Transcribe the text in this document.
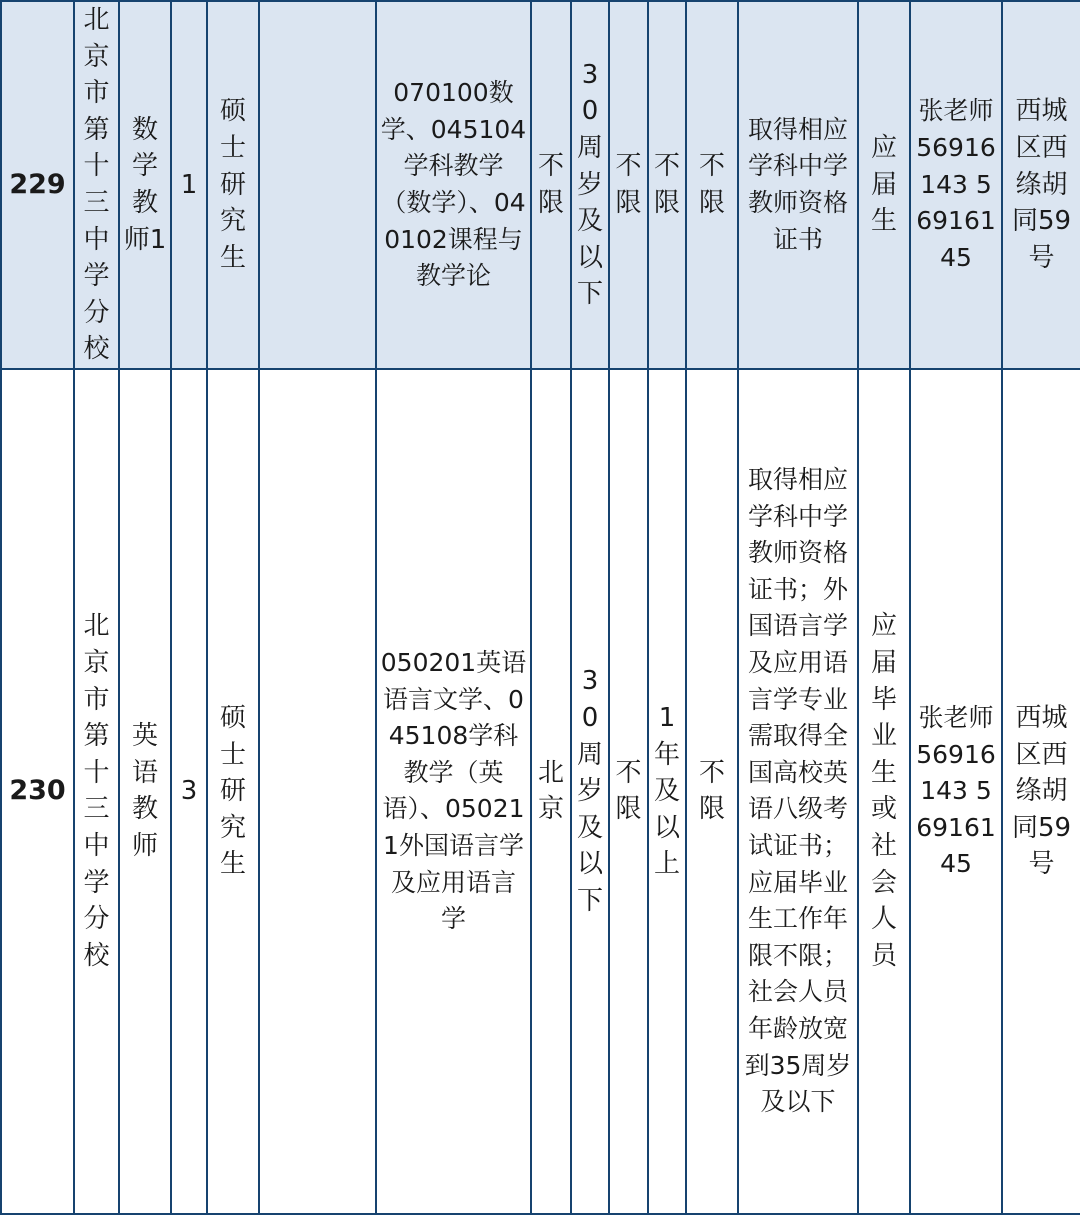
229	北京市第十三中学分校	数学教师1	1	硕士研究生		070100数学、045104学科教学（数学）、040102课程与教学论	不限	30周岁及以下	不限	不限	不限	取得相应学科中学教师资格证书	应届生	张老师56916143 56916145	西城区西绦胡同59号
230	北京市第十三中学分校	英语教师	3	硕士研究生		050201英语语言文学、045108学科教学（英语）、050211外国语言学及应用语言学	北京	30周岁及以下	不限	1年及以上	不限	取得相应学科中学教师资格证书；外国语言学及应用语言学专业需取得全国高校英语八级考试证书；应届毕业生工作年限不限；社会人员年龄放宽到35周岁及以下	应届毕业生或社会人员	张老师56916143 56916145	西城区西绦胡同59号
